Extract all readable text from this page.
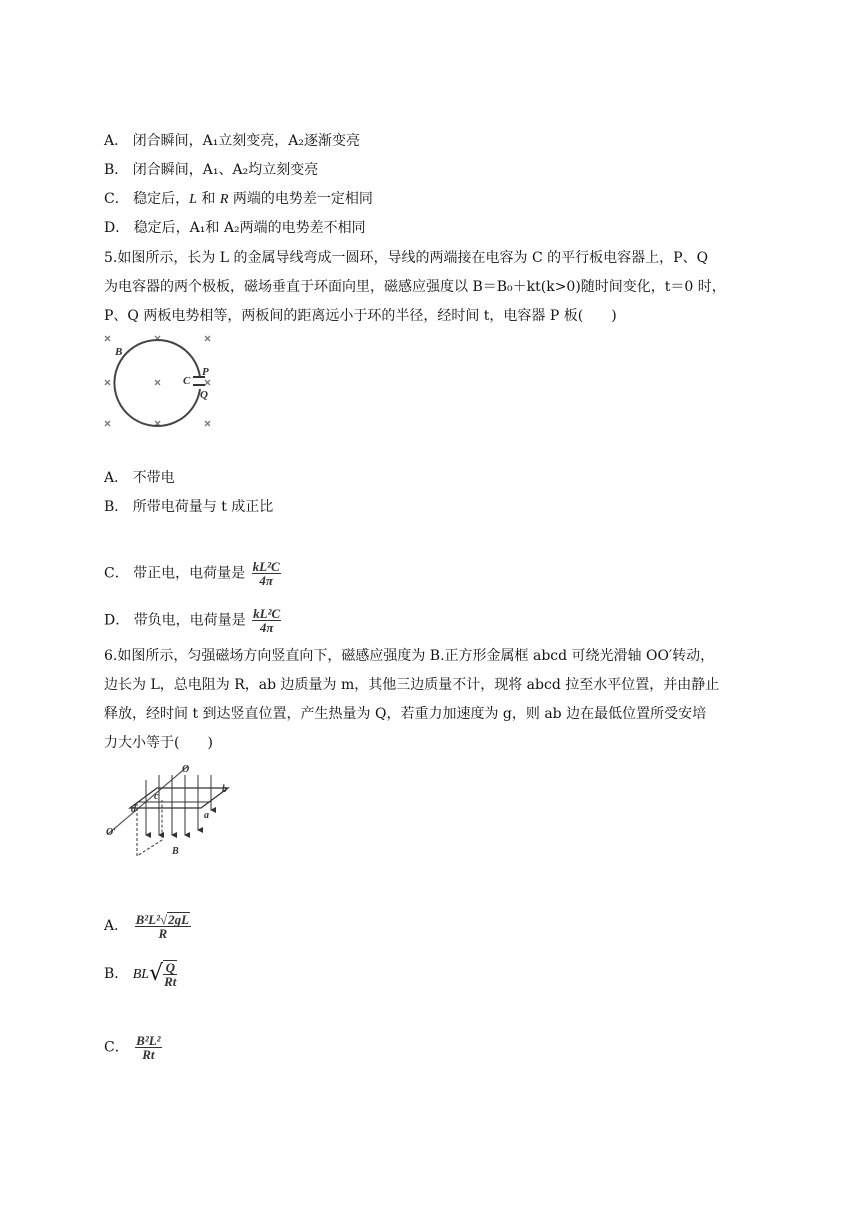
A． 闭合瞬间，A₁立刻变亮，A₂逐渐变亮
B． 闭合瞬间，A₁、A₂均立刻变亮
C． 稳定后，L 和 R 两端的电势差一定相同
D． 稳定后，A₁和 A₂两端的电势差不相同
5.如图所示，长为 L 的金属导线弯成一圆环，导线的两端接在电容为 C 的平行板电容器上，P、Q
为电容器的两个极板，磁场垂直于环面向里，磁感应强度以 B＝B₀＋kt(k>0)随时间变化，t＝0 时，
P、Q 两板电势相等，两板间的距离远小于环的半径，经时间 t，电容器 P 板(　　)
B
C
P
Q
A． 不带电
B． 所带电荷量与 t 成正比
C． 带正电，电荷量是 $\frac{\text{kL²C}}{4\pi}$
D． 带负电，电荷量是 $\frac{\text{kL²C}}{4\pi}$
6.如图所示，匀强磁场方向竖直向下，磁感应强度为 B.正方形金属框 abcd 可绕光滑轴 OO′转动，
边长为 L，总电阻为 R，ab 边质量为 m，其他三边质量不计，现将 abcd 拉至水平位置，并由静止
释放，经时间 t 到达竖直位置，产生热量为 Q，若重力加速度为 g，则 ab 边在最低位置所受安培
力大小等于(　　)
O
O′
d
c
b
a
B
A． $\frac{\text{B²L²√2gL}}{R}$
B． $BL√ \frac{Q}{Rt}$
C． $\frac{\text{B²L²}}{Rt}$
